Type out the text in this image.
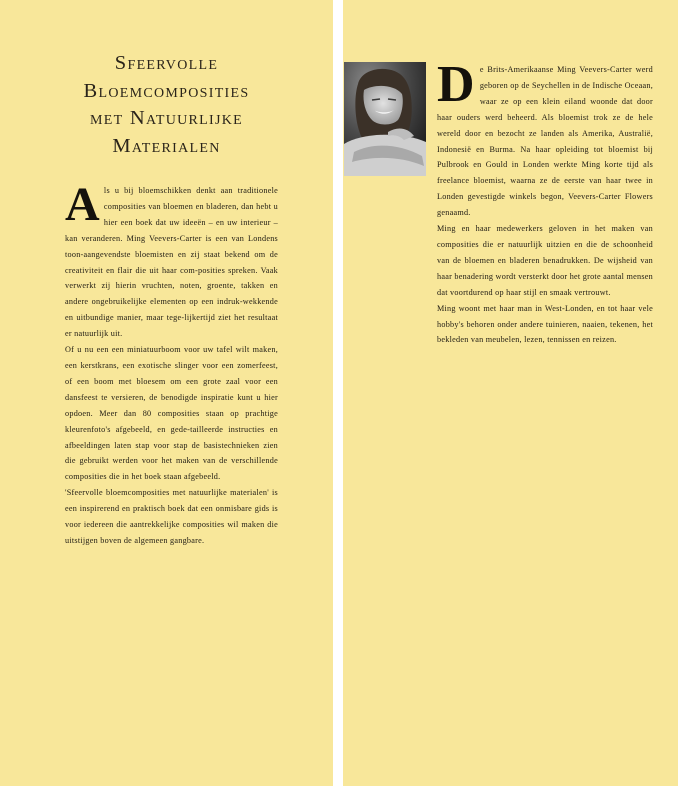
Sfeervolle
Bloemcomposities
met Natuurlijke
Materialen

Als u bij bloemschikken denkt aan traditionele composities van bloemen en bladeren, dan hebt u hier een boek dat uw ideeën – en uw interieur – kan veranderen. Ming Veevers-Carter is een van Londens toon-aangevendste bloemisten en zij staat bekend om de creativiteit en flair die uit haar com-posities spreken. Vaak verwerkt zij hierin vruchten, noten, groente, takken en andere ongebruikelijke elementen op een indruk-wekkende en uitbundige manier, maar tege-lijkertijd ziet het resultaat er natuurlijk uit.

Of u nu een een miniatuurboom voor uw tafel wilt maken, een kerstkrans, een exotische slinger voor een zomerfeest, of een boom met bloesem om een grote zaal voor een dansfeest te versieren, de benodigde inspiratie kunt u hier opdoen. Meer dan 80 composities staan op prachtige kleurenfoto's afgebeeld, en gede-tailleerde instructies en afbeeldingen laten stap voor stap de basistechnieken zien die gebruikt werden voor het maken van de verschillende composities die in het boek staan afgebeeld.

'Sfeervolle bloemcomposities met natuurlijke materialen' is een inspirerend en praktisch boek dat een onmisbare gids is voor iedereen die aantrekkelijke composities wil maken die uitstijgen boven de algemeen gangbare.

De Brits-Amerikaanse Ming Veevers-Carter werd geboren op de Seychellen in de Indische Oceaan, waar ze op een klein eiland woonde dat door haar ouders werd beheerd. Als bloemist trok ze de hele wereld door en bezocht ze landen als Amerika, Australië, Indonesië en Burma. Na haar opleiding tot bloemist bij Pulbrook en Gould in Londen werkte Ming korte tijd als freelance bloemist, waarna ze de eerste van haar twee in Londen gevestigde winkels begon, Veevers-Carter Flowers genaamd.

Ming en haar medewerkers geloven in het maken van composities die er natuurlijk uitzien en die de schoonheid van de bloemen en bladeren benadrukken. De wijsheid van haar benadering wordt versterkt door het grote aantal mensen dat voortdurend op haar stijl en smaak vertrouwt.

Ming woont met haar man in West-Londen, en tot haar vele hobby's behoren onder andere tuinieren, naaien, tekenen, het bekleden van meubelen, lezen, tennissen en reizen.
